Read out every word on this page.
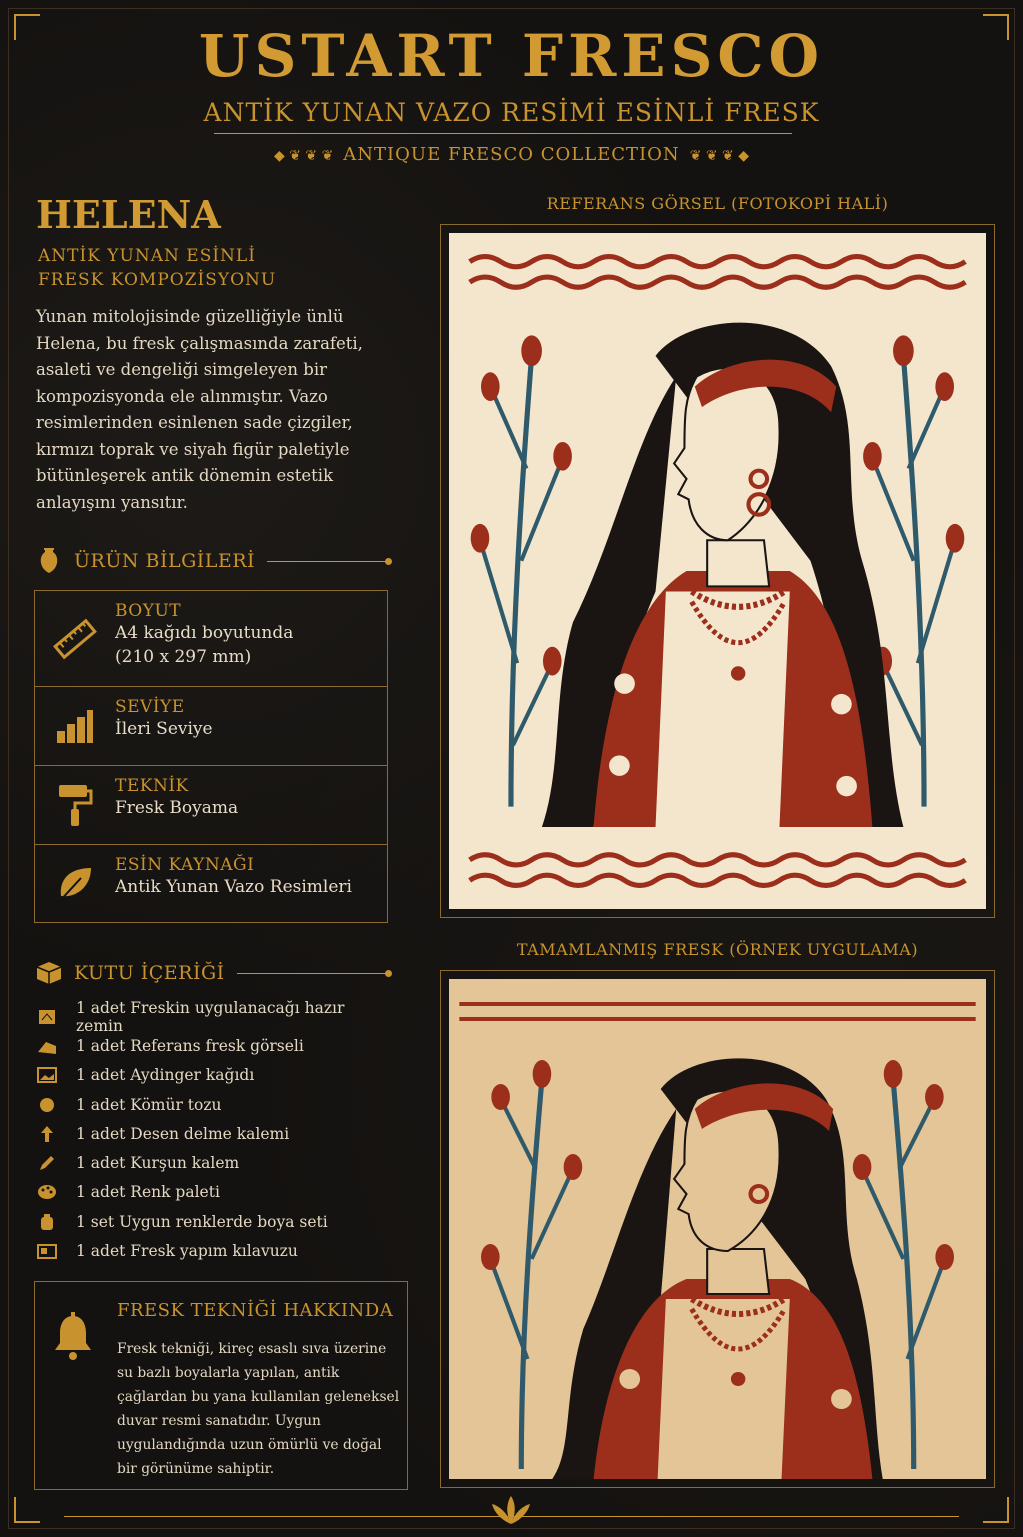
USTART FRESCO
ANTİK YUNAN VAZO RESİMİ ESİNLİ FRESK
◆ ❦ ❦ ❦ ANTIQUE FRESCO COLLECTION ❦ ❦ ❦ ◆
HELENA
ANTİK YUNAN ESİNLİ
FRESK KOMPOZİSYONU
Yunan mitolojisinde güzelliğiyle ünlü Helena, bu fresk çalışmasında zarafeti, asaleti ve dengeliği simgeleyen bir kompozisyonda ele alınmıştır. Vazo resimlerinden esinlenen sade çizgiler, kırmızı toprak ve siyah figür paletiyle bütünleşerek antik dönemin estetik anlayışını yansıtır.
ÜRÜN BİLGİLERİ
BOYUT
A4 kağıdı boyutunda
(210 x 297 mm)
SEVİYE
İleri Seviye
TEKNİK
Fresk Boyama
ESİN KAYNAĞI
Antik Yunan Vazo Resimleri
KUTU İÇERİĞİ
1 adet Freskin uygulanacağı hazır zemin
1 adet Referans fresk görseli
1 adet Aydinger kağıdı
1 adet Kömür tozu
1 adet Desen delme kalemi
1 adet Kurşun kalem
1 adet Renk paleti
1 set Uygun renklerde boya seti
1 adet Fresk yapım kılavuzu
FRESK TEKNİĞİ HAKKINDA
Fresk tekniği, kireç esaslı sıva üzerine su bazlı boyalarla yapılan, antik çağlardan bu yana kullanılan geleneksel duvar resmi sanatıdır. Uygun uygulandığında uzun ömürlü ve doğal bir görünüme sahiptir.
REFERANS GÖRSEL (FOTOKOPİ HALİ)
TAMAMLANMIŞ FRESK (ÖRNEK UYGULAMA)
